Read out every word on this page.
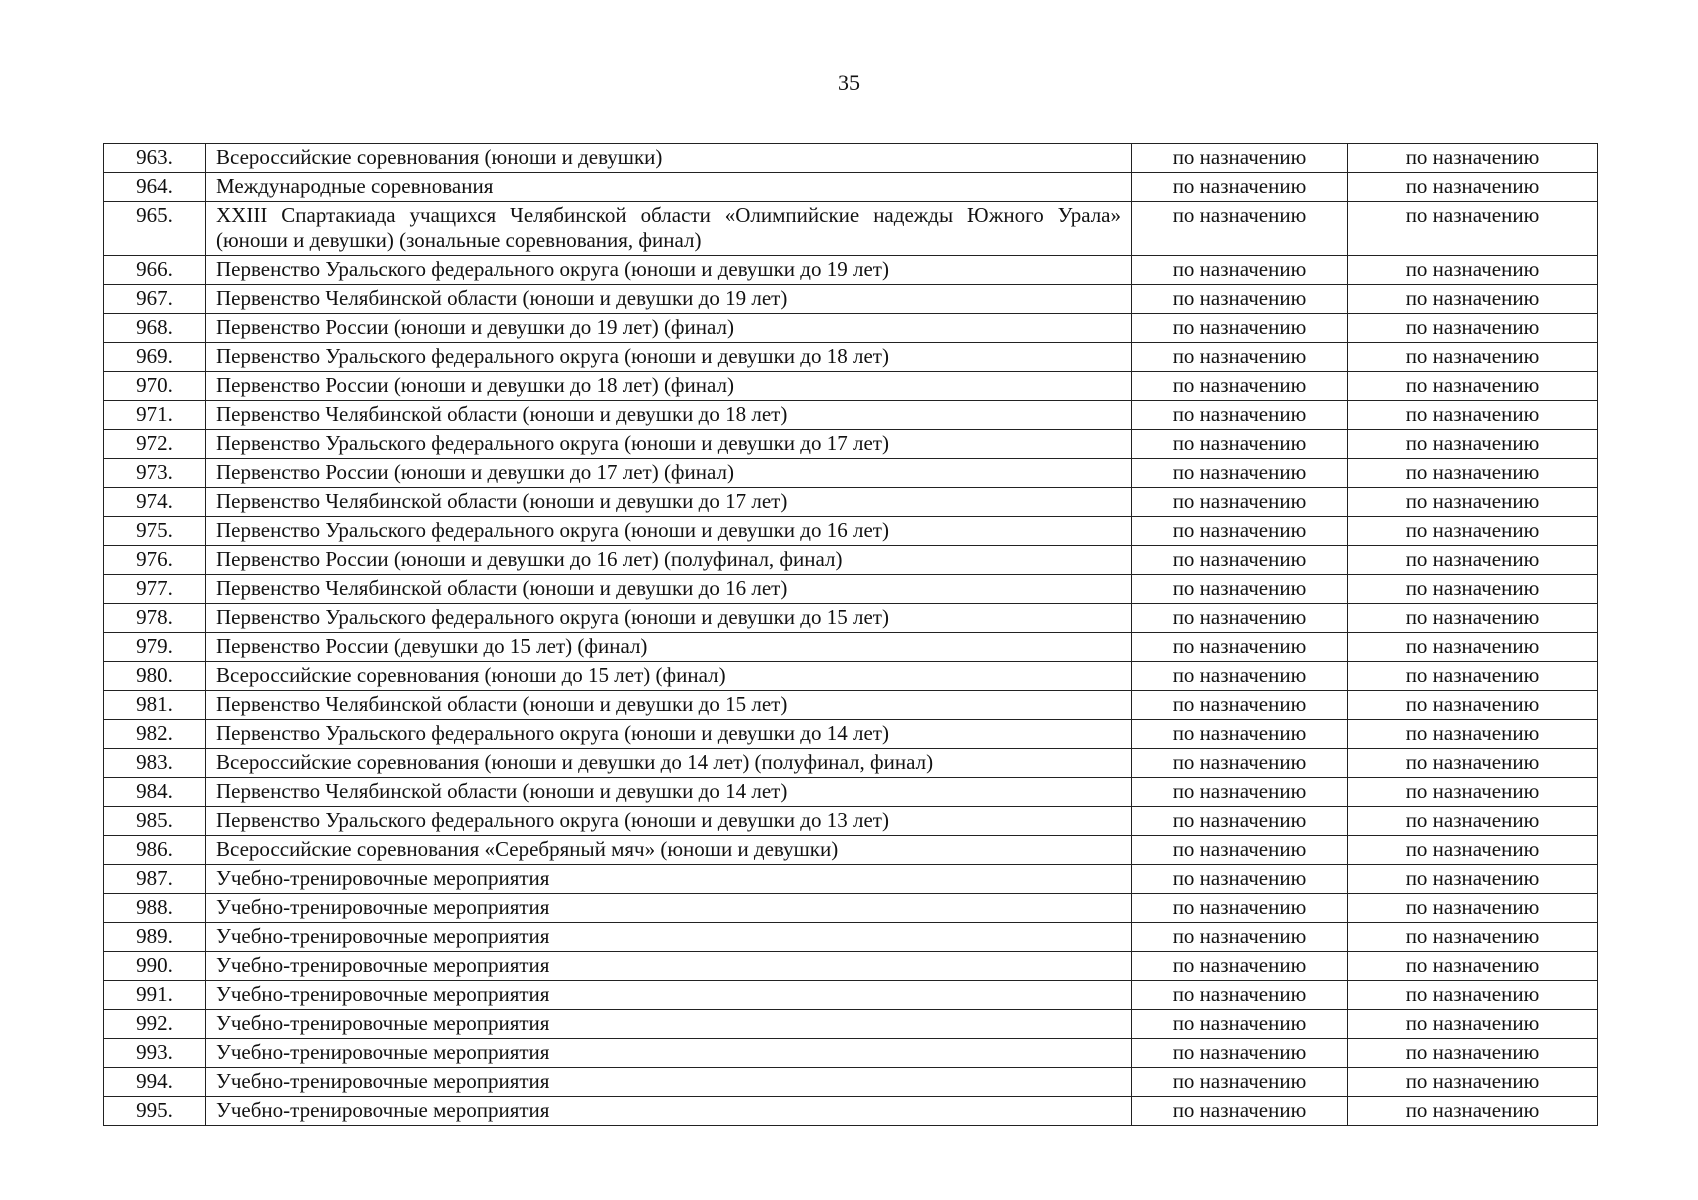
35
963.	Всероссийские соревнования (юноши и девушки)	по назначению	по назначению
964.	Международные соревнования	по назначению	по назначению
965.	XXIII Спартакиада учащихся Челябинской области «Олимпийские надежды Южного Урала» (юноши и девушки) (зональные соревнования, финал)	по назначению	по назначению
966.	Первенство Уральского федерального округа (юноши и девушки до 19 лет)	по назначению	по назначению
967.	Первенство Челябинской области (юноши и девушки до 19 лет)	по назначению	по назначению
968.	Первенство России (юноши и девушки до 19 лет) (финал)	по назначению	по назначению
969.	Первенство Уральского федерального округа (юноши и девушки до 18 лет)	по назначению	по назначению
970.	Первенство России (юноши и девушки до 18 лет) (финал)	по назначению	по назначению
971.	Первенство Челябинской области (юноши и девушки до 18 лет)	по назначению	по назначению
972.	Первенство Уральского федерального округа (юноши и девушки до 17 лет)	по назначению	по назначению
973.	Первенство России (юноши и девушки до 17 лет) (финал)	по назначению	по назначению
974.	Первенство Челябинской области (юноши и девушки до 17 лет)	по назначению	по назначению
975.	Первенство Уральского федерального округа (юноши и девушки до 16 лет)	по назначению	по назначению
976.	Первенство России (юноши и девушки до 16 лет) (полуфинал, финал)	по назначению	по назначению
977.	Первенство Челябинской области (юноши и девушки до 16 лет)	по назначению	по назначению
978.	Первенство Уральского федерального округа (юноши и девушки до 15 лет)	по назначению	по назначению
979.	Первенство России (девушки до 15 лет) (финал)	по назначению	по назначению
980.	Всероссийские соревнования (юноши до 15 лет) (финал)	по назначению	по назначению
981.	Первенство Челябинской области (юноши и девушки до 15 лет)	по назначению	по назначению
982.	Первенство Уральского федерального округа (юноши и девушки до 14 лет)	по назначению	по назначению
983.	Всероссийские соревнования (юноши и девушки до 14 лет) (полуфинал, финал)	по назначению	по назначению
984.	Первенство Челябинской области (юноши и девушки до 14 лет)	по назначению	по назначению
985.	Первенство Уральского федерального округа (юноши и девушки до 13 лет)	по назначению	по назначению
986.	Всероссийские соревнования «Серебряный мяч» (юноши и девушки)	по назначению	по назначению
987.	Учебно-тренировочные мероприятия	по назначению	по назначению
988.	Учебно-тренировочные мероприятия	по назначению	по назначению
989.	Учебно-тренировочные мероприятия	по назначению	по назначению
990.	Учебно-тренировочные мероприятия	по назначению	по назначению
991.	Учебно-тренировочные мероприятия	по назначению	по назначению
992.	Учебно-тренировочные мероприятия	по назначению	по назначению
993.	Учебно-тренировочные мероприятия	по назначению	по назначению
994.	Учебно-тренировочные мероприятия	по назначению	по назначению
995.	Учебно-тренировочные мероприятия	по назначению	по назначению
